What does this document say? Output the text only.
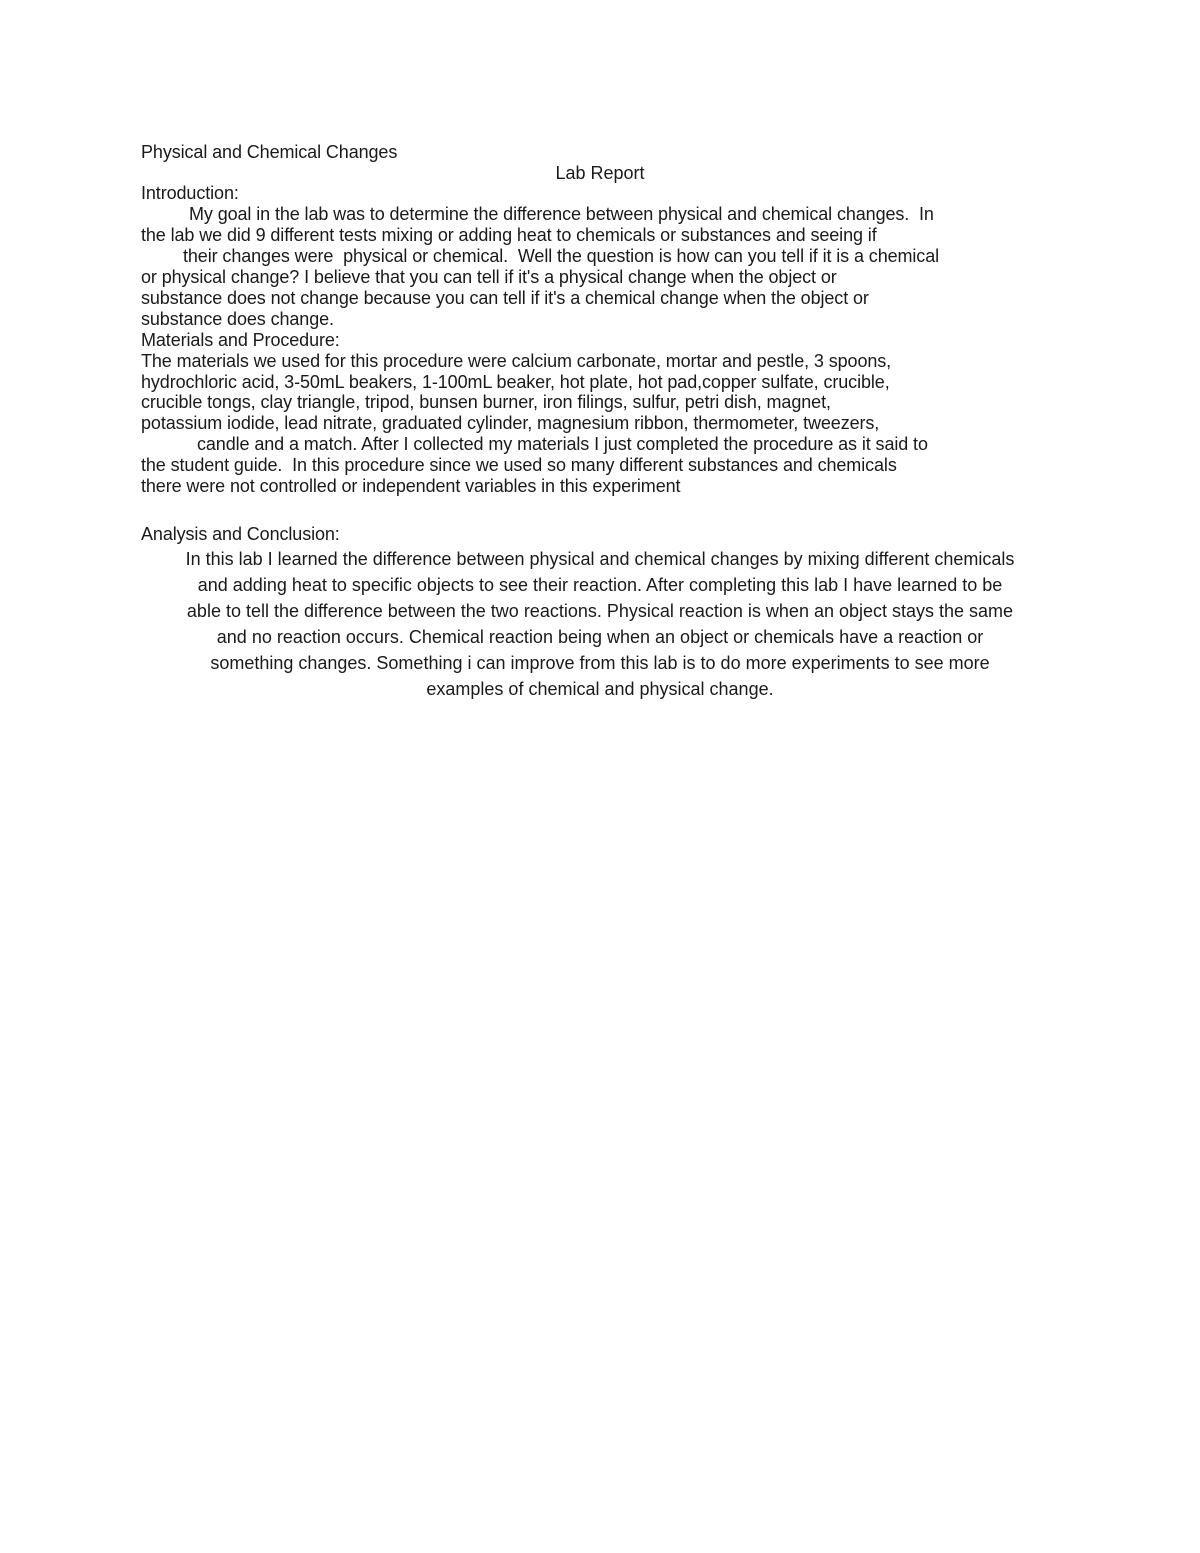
Physical and Chemical Changes
Lab Report
Introduction:
My goal in the lab was to determine the difference between physical and chemical changes.  In
the lab we did 9 different tests mixing or adding heat to chemicals or substances and seeing if
their changes were  physical or chemical.  Well the question is how can you tell if it is a chemical
or physical change? I believe that you can tell if it's a physical change when the object or
substance does not change because you can tell if it's a chemical change when the object or
substance does change.
Materials and Procedure:
The materials we used for this procedure were calcium carbonate, mortar and pestle, 3 spoons,
hydrochloric acid, 3-50mL beakers, 1-100mL beaker, hot plate, hot pad,copper sulfate, crucible,
crucible tongs, clay triangle, tripod, bunsen burner, iron filings, sulfur, petri dish, magnet,
potassium iodide, lead nitrate, graduated cylinder, magnesium ribbon, thermometer, tweezers,
candle and a match. After I collected my materials I just completed the procedure as it said to
the student guide.  In this procedure since we used so many different substances and chemicals
there were not controlled or independent variables in this experiment
Analysis and Conclusion:
In this lab I learned the difference between physical and chemical changes by mixing different chemicals
and adding heat to specific objects to see their reaction. After completing this lab I have learned to be
able to tell the difference between the two reactions. Physical reaction is when an object stays the same
and no reaction occurs. Chemical reaction being when an object or chemicals have a reaction or
something changes. Something i can improve from this lab is to do more experiments to see more
examples of chemical and physical change.
